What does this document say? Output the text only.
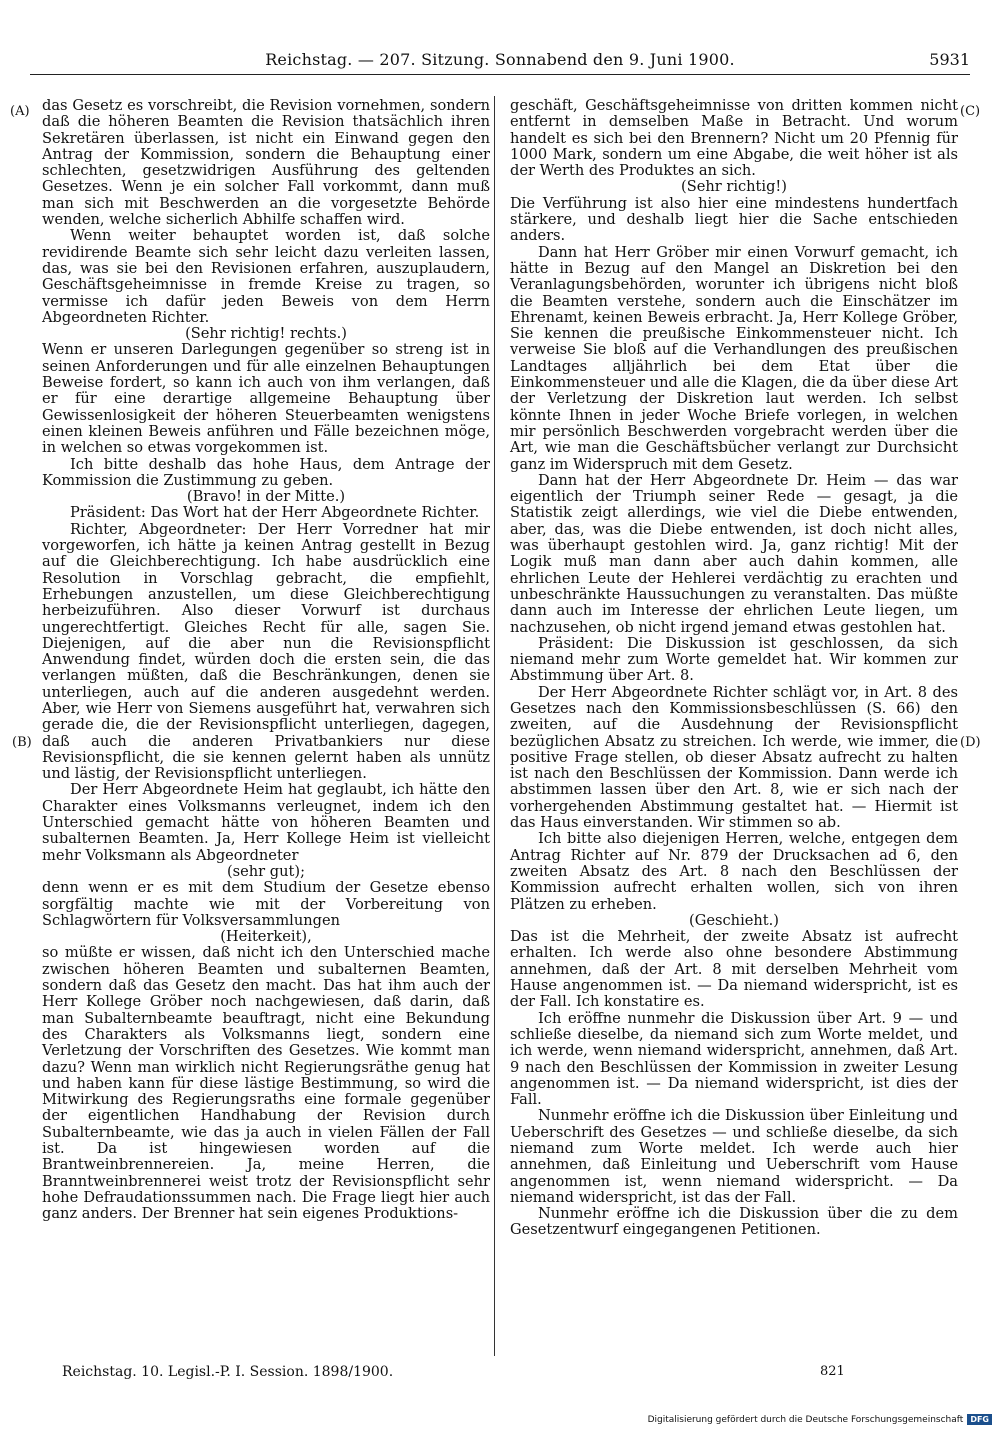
Reichstag. — 207. Sitzung. Sonnabend den 9. Juni 1900.	5931
(A)
(B)
(C)
(D)

das Gesetz es vorschreibt, die Revision vornehmen, sondern daß die höheren Beamten die Revision thatsächlich ihren Sekretären überlassen, ist nicht ein Einwand gegen den Antrag der Kommission, sondern die Behauptung einer schlechten, gesetzwidrigen Ausführung des geltenden Gesetzes. Wenn je ein solcher Fall vorkommt, dann muß man sich mit Beschwerden an die vorgesetzte Behörde wenden, welche sicherlich Abhilfe schaffen wird.

Wenn weiter behauptet worden ist, daß solche revidirende Beamte sich sehr leicht dazu verleiten lassen, das, was sie bei den Revisionen erfahren, auszuplaudern, Geschäftsgeheimnisse in fremde Kreise zu tragen, so vermisse ich dafür jeden Beweis von dem Herrn Abgeordneten Richter.

(Sehr richtig! rechts.)

Wenn er unseren Darlegungen gegenüber so streng ist in seinen Anforderungen und für alle einzelnen Behauptungen Beweise fordert, so kann ich auch von ihm verlangen, daß er für eine derartige allgemeine Behauptung über Gewissenlosigkeit der höheren Steuerbeamten wenigstens einen kleinen Beweis anführen und Fälle bezeichnen möge, in welchen so etwas vorgekommen ist.

Ich bitte deshalb das hohe Haus, dem Antrage der Kommission die Zustimmung zu geben.

(Bravo! in der Mitte.)

Präsident: Das Wort hat der Herr Abgeordnete Richter.

Richter, Abgeordneter: Der Herr Vorredner hat mir vorgeworfen, ich hätte ja keinen Antrag gestellt in Bezug auf die Gleichberechtigung. Ich habe ausdrücklich eine Resolution in Vorschlag gebracht, die empfiehlt, Erhebungen anzustellen, um diese Gleichberechtigung herbeizuführen. Also dieser Vorwurf ist durchaus ungerechtfertigt. Gleiches Recht für alle, sagen Sie. Diejenigen, auf die aber nun die Revisionspflicht Anwendung findet, würden doch die ersten sein, die das verlangen müßten, daß die Beschränkungen, denen sie unterliegen, auch auf die anderen ausgedehnt werden. Aber, wie Herr von Siemens ausgeführt hat, verwahren sich gerade die, die der Revisionspflicht unterliegen, dagegen, daß auch die anderen Privatbankiers nur diese Revisionspflicht, die sie kennen gelernt haben als unnütz und lästig, der Revisionspflicht unterliegen.

Der Herr Abgeordnete Heim hat geglaubt, ich hätte den Charakter eines Volksmanns verleugnet, indem ich den Unterschied gemacht hätte von höheren Beamten und subalternen Beamten. Ja, Herr Kollege Heim ist vielleicht mehr Volksmann als Abgeordneter

(sehr gut);

denn wenn er es mit dem Studium der Gesetze ebenso sorgfältig machte wie mit der Vorbereitung von Schlagwörtern für Volksversammlungen

(Heiterkeit),

so müßte er wissen, daß nicht ich den Unterschied mache zwischen höheren Beamten und subalternen Beamten, sondern daß das Gesetz den macht. Das hat ihm auch der Herr Kollege Gröber noch nachgewiesen, daß darin, daß man Subalternbeamte beauftragt, nicht eine Bekundung des Charakters als Volksmanns liegt, sondern eine Verletzung der Vorschriften des Gesetzes. Wie kommt man dazu? Wenn man wirklich nicht Regierungsräthe genug hat und haben kann für diese lästige Bestimmung, so wird die Mitwirkung des Regierungsraths eine formale gegenüber der eigentlichen Handhabung der Revision durch Subalternbeamte, wie das ja auch in vielen Fällen der Fall ist. Da ist hingewiesen worden auf die Brantweinbrennereien. Ja, meine Herren, die Branntweinbrennerei weist trotz der Revisionspflicht sehr hohe Defraudationssummen nach. Die Frage liegt hier auch ganz anders. Der Brenner hat sein eigenes Produktions-

geschäft, Geschäftsgeheimnisse von dritten kommen nicht entfernt in demselben Maße in Betracht. Und worum handelt es sich bei den Brennern? Nicht um 20 Pfennig für 1000 Mark, sondern um eine Abgabe, die weit höher ist als der Werth des Produktes an sich.

(Sehr richtig!)

Die Verführung ist also hier eine mindestens hundertfach stärkere, und deshalb liegt hier die Sache entschieden anders.

Dann hat Herr Gröber mir einen Vorwurf gemacht, ich hätte in Bezug auf den Mangel an Diskretion bei den Veranlagungsbehörden, worunter ich übrigens nicht bloß die Beamten verstehe, sondern auch die Einschätzer im Ehrenamt, keinen Beweis erbracht. Ja, Herr Kollege Gröber, Sie kennen die preußische Einkommensteuer nicht. Ich verweise Sie bloß auf die Verhandlungen des preußischen Landtages alljährlich bei dem Etat über die Einkommensteuer und alle die Klagen, die da über diese Art der Verletzung der Diskretion laut werden. Ich selbst könnte Ihnen in jeder Woche Briefe vorlegen, in welchen mir persönlich Beschwerden vorgebracht werden über die Art, wie man die Geschäftsbücher verlangt zur Durchsicht ganz im Widerspruch mit dem Gesetz.

Dann hat der Herr Abgeordnete Dr. Heim — das war eigentlich der Triumph seiner Rede — gesagt, ja die Statistik zeigt allerdings, wie viel die Diebe entwenden, aber, das, was die Diebe entwenden, ist doch nicht alles, was überhaupt gestohlen wird. Ja, ganz richtig! Mit der Logik muß man dann aber auch dahin kommen, alle ehrlichen Leute der Hehlerei verdächtig zu erachten und unbeschränkte Haussuchungen zu veranstalten. Das müßte dann auch im Interesse der ehrlichen Leute liegen, um nachzusehen, ob nicht irgend jemand etwas gestohlen hat.

Präsident: Die Diskussion ist geschlossen, da sich niemand mehr zum Worte gemeldet hat. Wir kommen zur Abstimmung über Art. 8.

Der Herr Abgeordnete Richter schlägt vor, in Art. 8 des Gesetzes nach den Kommissionsbeschlüssen (S. 66) den zweiten, auf die Ausdehnung der Revisionspflicht bezüglichen Absatz zu streichen. Ich werde, wie immer, die positive Frage stellen, ob dieser Absatz aufrecht zu halten ist nach den Beschlüssen der Kommission. Dann werde ich abstimmen lassen über den Art. 8, wie er sich nach der vorhergehenden Abstimmung gestaltet hat. — Hiermit ist das Haus einverstanden. Wir stimmen so ab.

Ich bitte also diejenigen Herren, welche, entgegen dem Antrag Richter auf Nr. 879 der Drucksachen ad 6, den zweiten Absatz des Art. 8 nach den Beschlüssen der Kommission aufrecht erhalten wollen, sich von ihren Plätzen zu erheben.

(Geschieht.)

Das ist die Mehrheit, der zweite Absatz ist aufrecht erhalten. Ich werde also ohne besondere Abstimmung annehmen, daß der Art. 8 mit derselben Mehrheit vom Hause angenommen ist. — Da niemand widerspricht, ist es der Fall. Ich konstatire es.

Ich eröffne nunmehr die Diskussion über Art. 9 — und schließe dieselbe, da niemand sich zum Worte meldet, und ich werde, wenn niemand widerspricht, annehmen, daß Art. 9 nach den Beschlüssen der Kommission in zweiter Lesung angenommen ist. — Da niemand widerspricht, ist dies der Fall.

Nunmehr eröffne ich die Diskussion über Einleitung und Ueberschrift des Gesetzes — und schließe dieselbe, da sich niemand zum Worte meldet. Ich werde auch hier annehmen, daß Einleitung und Ueberschrift vom Hause angenommen ist, wenn niemand widerspricht. — Da niemand widerspricht, ist das der Fall.

Nunmehr eröffne ich die Diskussion über die zu dem Gesetzentwurf eingegangenen Petitionen.

Reichstag. 10. Legisl.-P. I. Session. 1898/1900.	821
Digitalisierung gefördert durch die Deutsche Forschungsgemeinschaft DFG
